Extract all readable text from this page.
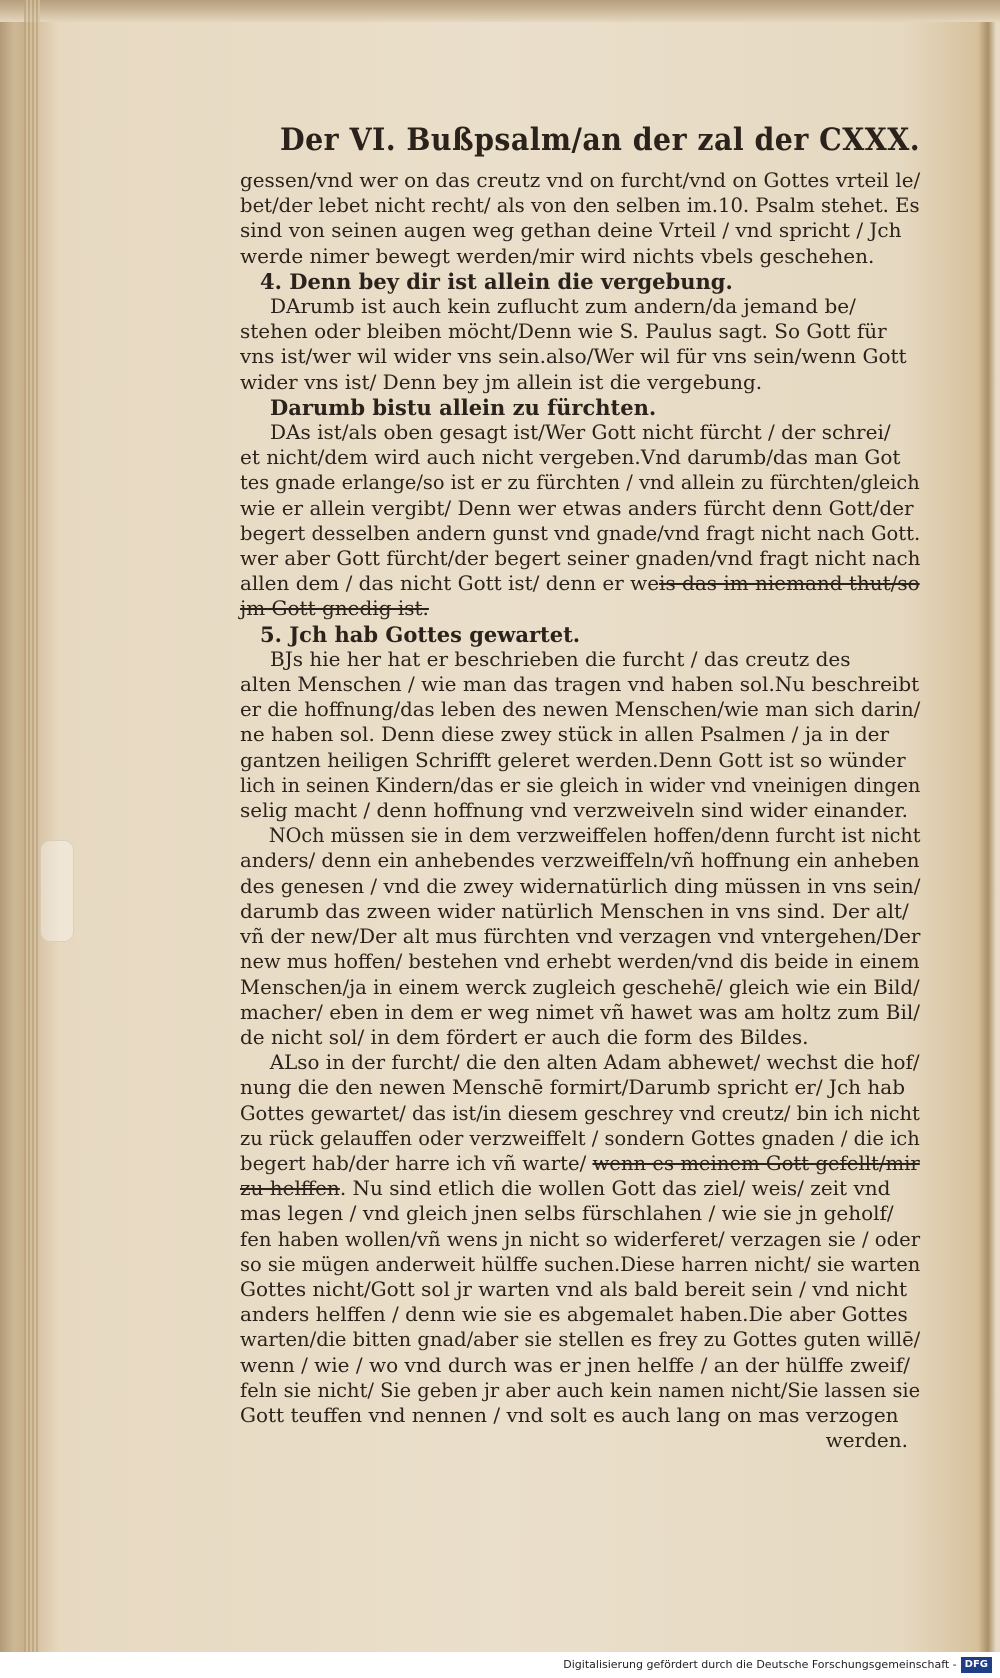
Der VI. Bußpsalm/an der zal der CXXX.
gessen/vnd wer on das creutz vnd on furcht/vnd on Gottes vrteil le/
bet/der lebet nicht recht/ als von den selben im.10. Psalm stehet. Es
sind von seinen augen weg gethan deine Vrteil / vnd spricht / Jch
werde nimer bewegt werden/mir wird nichts vbels geschehen.
4. Denn bey dir ist allein die vergebung.
DArumb ist auch kein zuflucht zum andern/da jemand be/
stehen oder bleiben möcht/Denn wie S. Paulus sagt. So Gott für
vns ist/wer wil wider vns sein.also/Wer wil für vns sein/wenn Gott
wider vns ist/ Denn bey jm allein ist die vergebung.
Darumb bistu allein zu fürchten.
DAs ist/als oben gesagt ist/Wer Gott nicht fürcht / der schrei/
et nicht/dem wird auch nicht vergeben.Vnd darumb/das man Got
tes gnade erlange/so ist er zu fürchten / vnd allein zu fürchten/gleich
wie er allein vergibt/ Denn wer etwas anders fürcht denn Gott/der
begert desselben andern gunst vnd gnade/vnd fragt nicht nach Gott.
wer aber Gott fürcht/der begert seiner gnaden/vnd fragt nicht nach
allen dem / das nicht Gott ist/ denn er weis das im niemand thut/so
jm Gott gnedig ist.
5. Jch hab Gottes gewartet.
BJs hie her hat er beschrieben die furcht / das creutz des
alten Menschen / wie man das tragen vnd haben sol.Nu beschreibt
er die hoffnung/das leben des newen Menschen/wie man sich darin/
ne haben sol. Denn diese zwey stück in allen Psalmen / ja in der
gantzen heiligen Schrifft geleret werden.Denn Gott ist so wünder
lich in seinen Kindern/das er sie gleich in wider vnd vneinigen dingen
selig macht / denn hoffnung vnd verzweiveln sind wider einander.
NOch müssen sie in dem verzweiffelen hoffen/denn furcht ist nicht
anders/ denn ein anhebendes verzweiffeln/vñ hoffnung ein anheben
des genesen / vnd die zwey widernatürlich ding müssen in vns sein/
darumb das zween wider natürlich Menschen in vns sind. Der alt/
vñ der new/Der alt mus fürchten vnd verzagen vnd vntergehen/Der
new mus hoffen/ bestehen vnd erhebt werden/vnd dis beide in einem
Menschen/ja in einem werck zugleich geschehē/ gleich wie ein Bild/
macher/ eben in dem er weg nimet vñ hawet was am holtz zum Bil/
de nicht sol/ in dem fördert er auch die form des Bildes.
ALso in der furcht/ die den alten Adam abhewet/ wechst die hof/
nung die den newen Menschē formirt/Darumb spricht er/ Jch hab
Gottes gewartet/ das ist/in diesem geschrey vnd creutz/ bin ich nicht
zu rück gelauffen oder verzweiffelt / sondern Gottes gnaden / die ich
begert hab/der harre ich vñ warte/ wenn es meinem Gott gefellt/mir
zu helffen. Nu sind etlich die wollen Gott das ziel/ weis/ zeit vnd
mas legen / vnd gleich jnen selbs fürschlahen / wie sie jn geholf/
fen haben wollen/vñ wens jn nicht so widerferet/ verzagen sie / oder
so sie mügen anderweit hülffe suchen.Diese harren nicht/ sie warten
Gottes nicht/Gott sol jr warten vnd als bald bereit sein / vnd nicht
anders helffen / denn wie sie es abgemalet haben.Die aber Gottes
warten/die bitten gnad/aber sie stellen es frey zu Gottes guten willē/
wenn / wie / wo vnd durch was er jnen helffe / an der hülffe zweif/
feln sie nicht/ Sie geben jr aber auch kein namen nicht/Sie lassen sie
Gott teuffen vnd nennen / vnd solt es auch lang on mas verzogen
werden.
Digitalisierung gefördert durch die Deutsche Forschungsgemeinschaft - DFG
